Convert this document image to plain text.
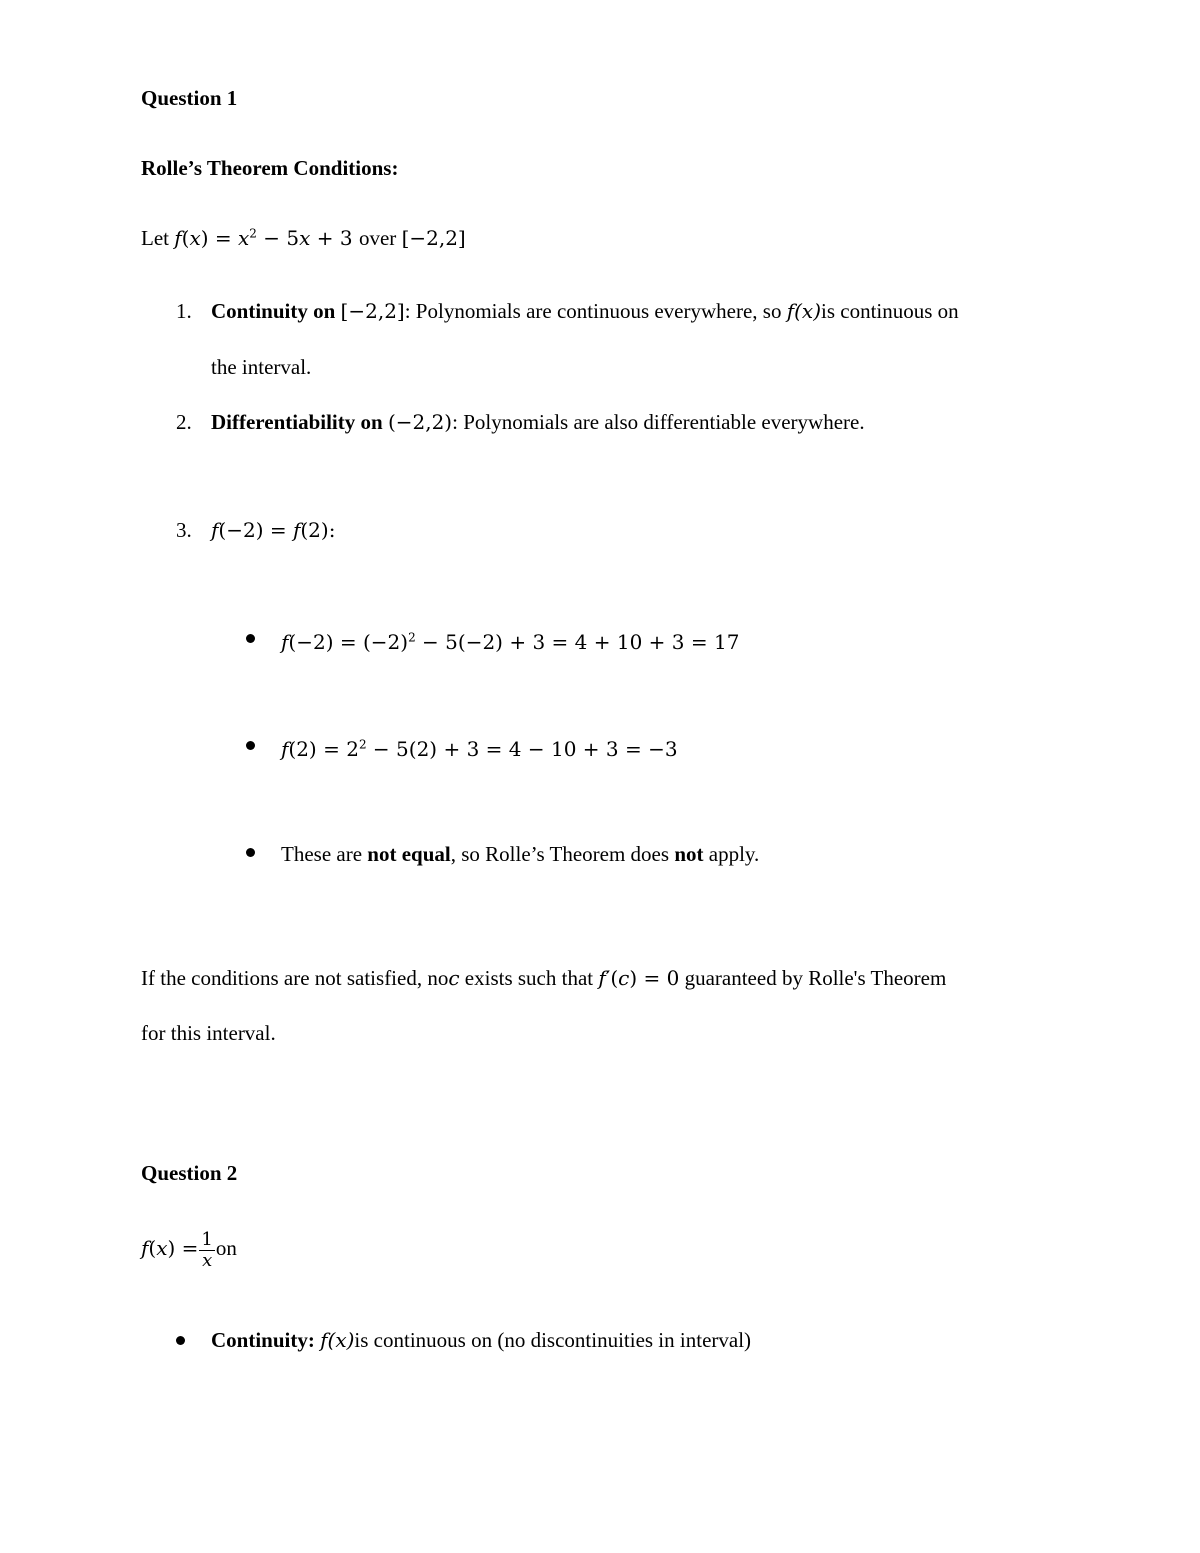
Question 1
Rolle’s Theorem Conditions:
Let $f(x) = x^2 - 5x + 3$ over [−2,2]
1. Continuity on [−2,2]: Polynomials are continuous everywhere, so f(x)is continuous on
the interval.
2. Differentiability on (−2,2): Polynomials are also differentiable everywhere.
3. f(−2) = f(2):
$f(-2) = (-2)^2 - 5(-2) + 3 = 4 + 10 + 3 = 17$
$f(2) = 2^2 - 5(2) + 3 = 4 - 10 + 3 = -3$
These are not equal, so Rolle’s Theorem does not apply.
If the conditions are not satisfied, noc exists such that f′(c) = 0 guaranteed by Rolle's Theorem
for this interval.
Question 2
$f(x) = \frac{1}{x}$ on
Continuity: f(x)is continuous on (no discontinuities in interval)
